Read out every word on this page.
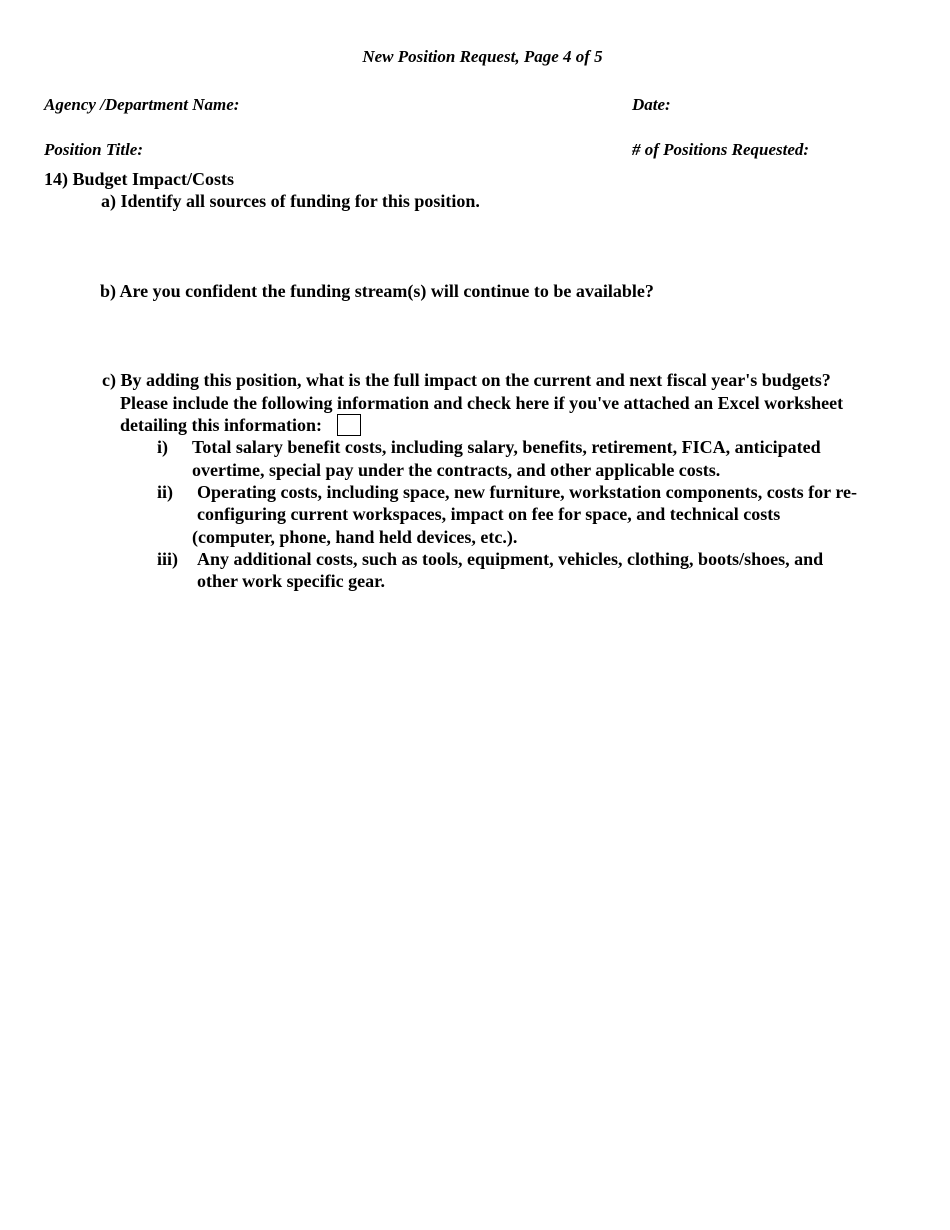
New Position Request, Page 4 of 5
Agency /Department Name:	Date:
Position Title:	# of Positions Requested:
14) Budget Impact/Costs
a) Identify all sources of funding for this position.
b) Are you confident the funding stream(s) will continue to be available?
c) By adding this position, what is the full impact on the current and next fiscal year's budgets?
Please include the following information and check here if you've attached an Excel worksheet
detailing this information:
i) Total salary benefit costs, including salary, benefits, retirement, FICA, anticipated
overtime, special pay under the contracts, and other applicable costs.
ii) Operating costs, including space, new furniture, workstation components, costs for re-
configuring current workspaces, impact on fee for space, and technical costs
(computer, phone, hand held devices, etc.).
iii) Any additional costs, such as tools, equipment, vehicles, clothing, boots/shoes, and
other work specific gear.
